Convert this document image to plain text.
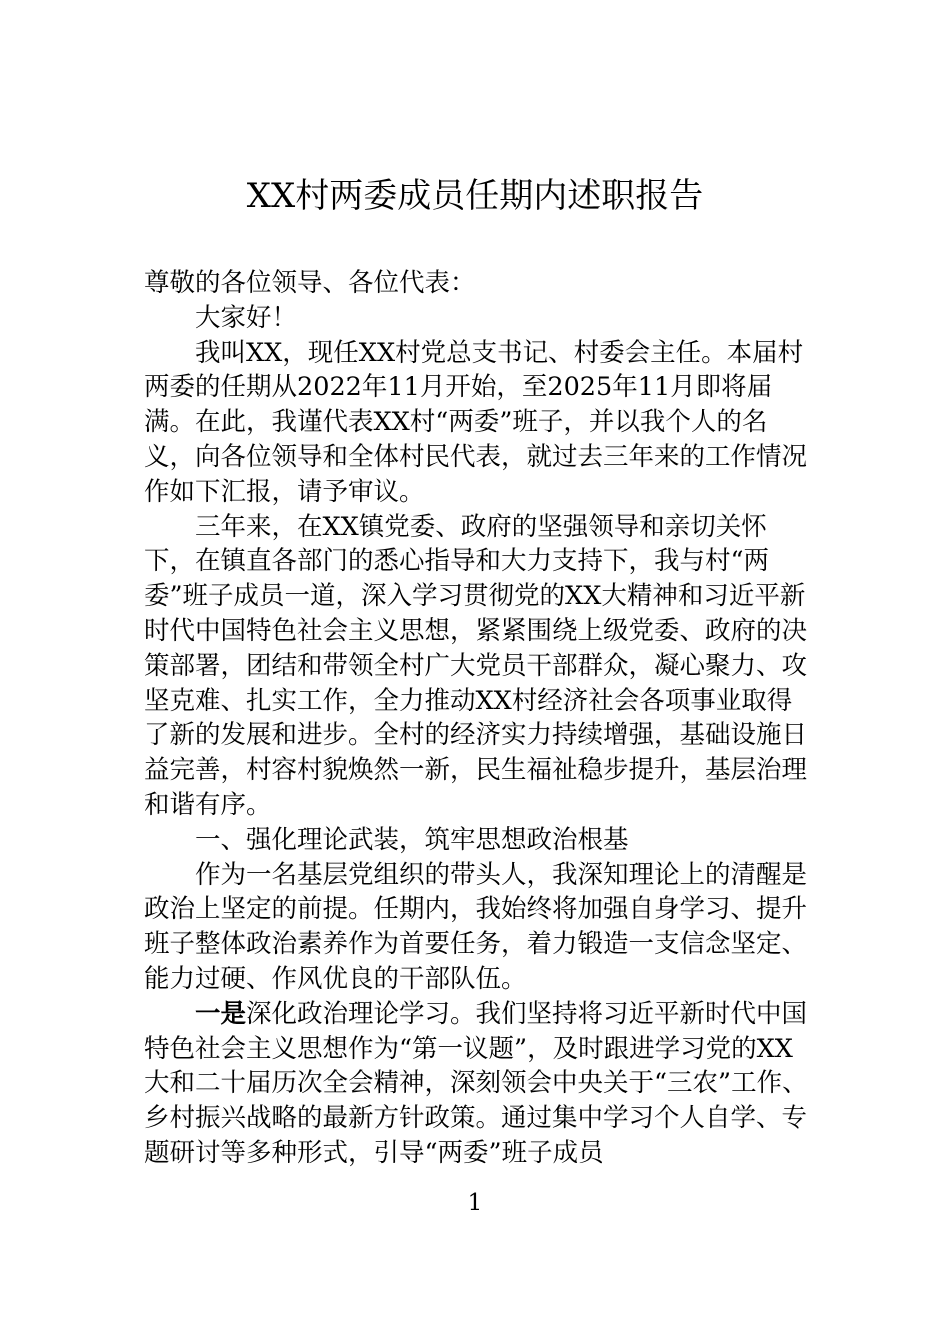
XX村两委成员任期内述职报告

尊敬的各位领导、各位代表：

大家好！

我叫XX，现任XX村党总支书记、村委会主任。本届村两委的任期从2022年11月开始，至2025年11月即将届满。在此，我谨代表XX村“两委”班子，并以我个人的名义，向各位领导和全体村民代表，就过去三年来的工作情况作如下汇报，请予审议。

三年来，在XX镇党委、政府的坚强领导和亲切关怀下，在镇直各部门的悉心指导和大力支持下，我与村“两委”班子成员一道，深入学习贯彻党的XX大精神和习近平新时代中国特色社会主义思想，紧紧围绕上级党委、政府的决策部署，团结和带领全村广大党员干部群众，凝心聚力、攻坚克难、扎实工作，全力推动XX村经济社会各项事业取得了新的发展和进步。全村的经济实力持续增强，基础设施日益完善，村容村貌焕然一新，民生福祉稳步提升，基层治理和谐有序。

一、强化理论武装，筑牢思想政治根基

作为一名基层党组织的带头人，我深知理论上的清醒是政治上坚定的前提。任期内，我始终将加强自身学习、提升班子整体政治素养作为首要任务，着力锻造一支信念坚定、能力过硬、作风优良的干部队伍。

一是深化政治理论学习。我们坚持将习近平新时代中国特色社会主义思想作为“第一议题”，及时跟进学习党的XX大和二十届历次全会精神，深刻领会中央关于“三农”工作、乡村振兴战略的最新方针政策。通过集中学习个人自学、专题研讨等多种形式，引导“两委”班子成员

1
